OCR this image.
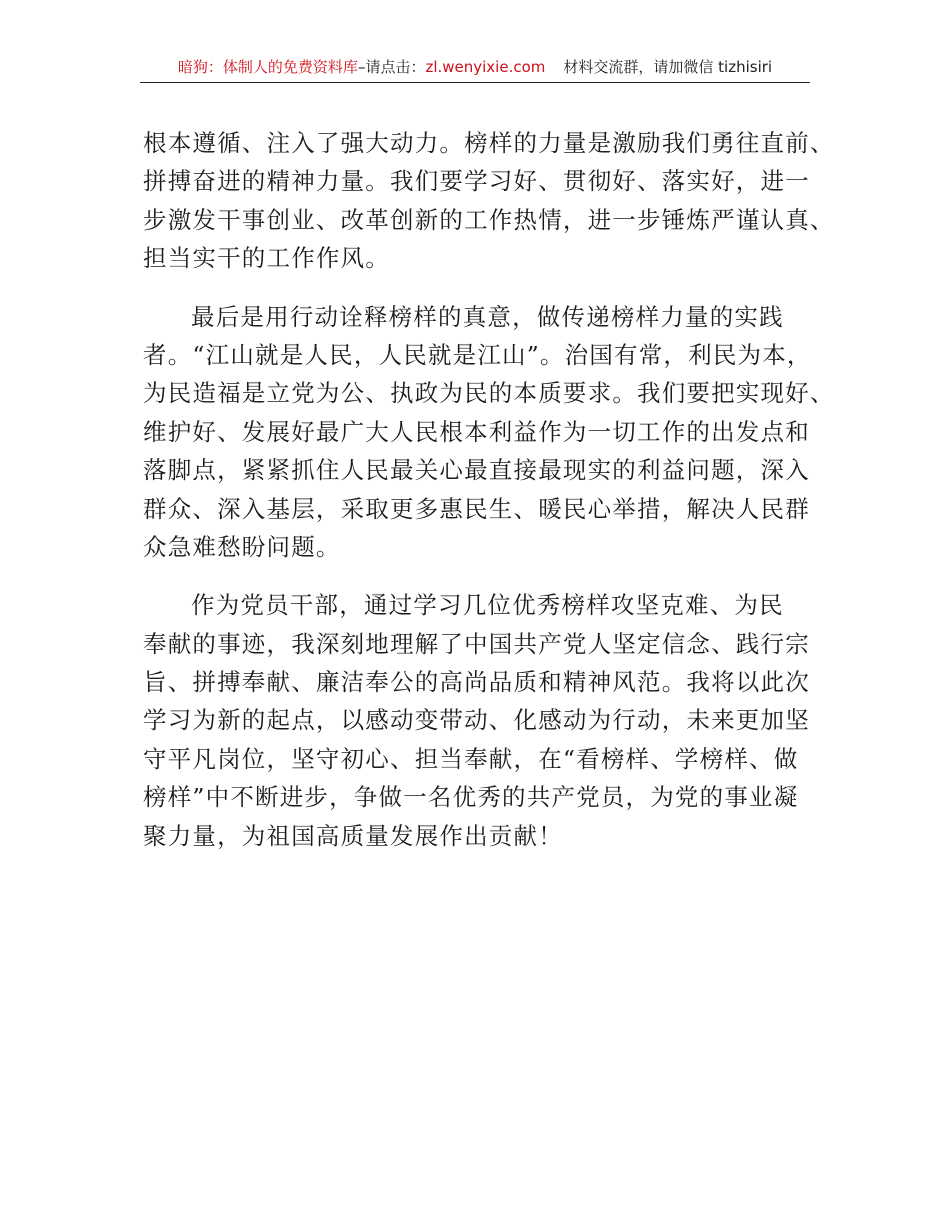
暗狗：体制人的免费资料库–请点击：zl.wenyixie.com 材料交流群，请加微信 tizhisiri
根本遵循、注入了强大动力。榜样的力量是激励我们勇往直前、
拼搏奋进的精神力量。我们要学习好、贯彻好、落实好，进一
步激发干事创业、改革创新的工作热情，进一步锤炼严谨认真、
担当实干的工作作风。
最后是用行动诠释榜样的真意，做传递榜样力量的实践
者。“江山就是人民，人民就是江山”。治国有常，利民为本，
为民造福是立党为公、执政为民的本质要求。我们要把实现好、
维护好、发展好最广大人民根本利益作为一切工作的出发点和
落脚点，紧紧抓住人民最关心最直接最现实的利益问题，深入
群众、深入基层，采取更多惠民生、暖民心举措，解决人民群
众急难愁盼问题。
作为党员干部，通过学习几位优秀榜样攻坚克难、为民
奉献的事迹，我深刻地理解了中国共产党人坚定信念、践行宗
旨、拼搏奉献、廉洁奉公的高尚品质和精神风范。我将以此次
学习为新的起点，以感动变带动、化感动为行动，未来更加坚
守平凡岗位，坚守初心、担当奉献，在“看榜样、学榜样、做
榜样”中不断进步，争做一名优秀的共产党员，为党的事业凝
聚力量，为祖国高质量发展作出贡献！
